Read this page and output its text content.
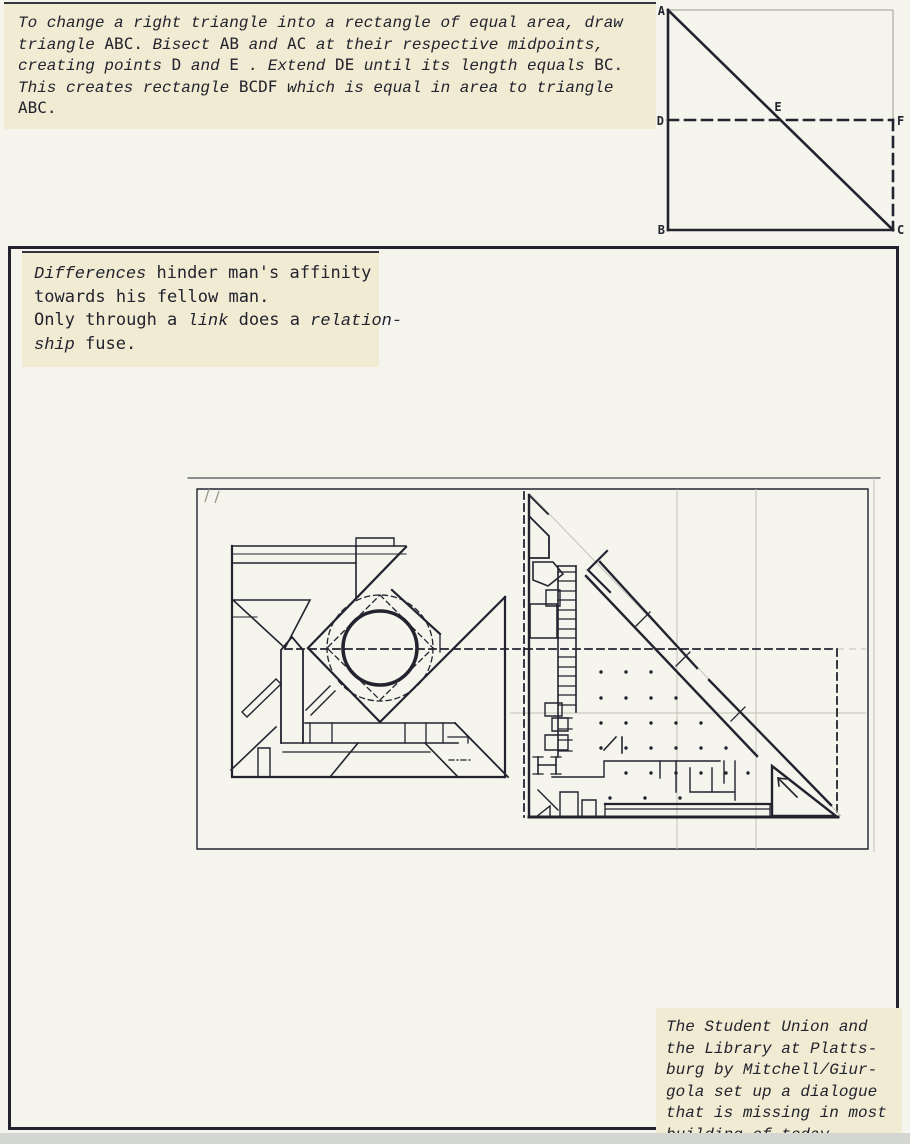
To change a right triangle into a rectangle of equal area, draw
triangle ABC. Bisect AB and AC at their respective midpoints,
creating points D and E . Extend DE until its length equals BC.
This creates rectangle BCDF which is equal in area to triangle
ABC.
A
B	C
D
E
F
Differences hinder man's affinity
towards his fellow man.
Only through a link does a relation-
ship fuse.
The Student Union and
the Library at Platts-
burg by Mitchell/Giur-
gola set up a dialogue
that is missing in most
